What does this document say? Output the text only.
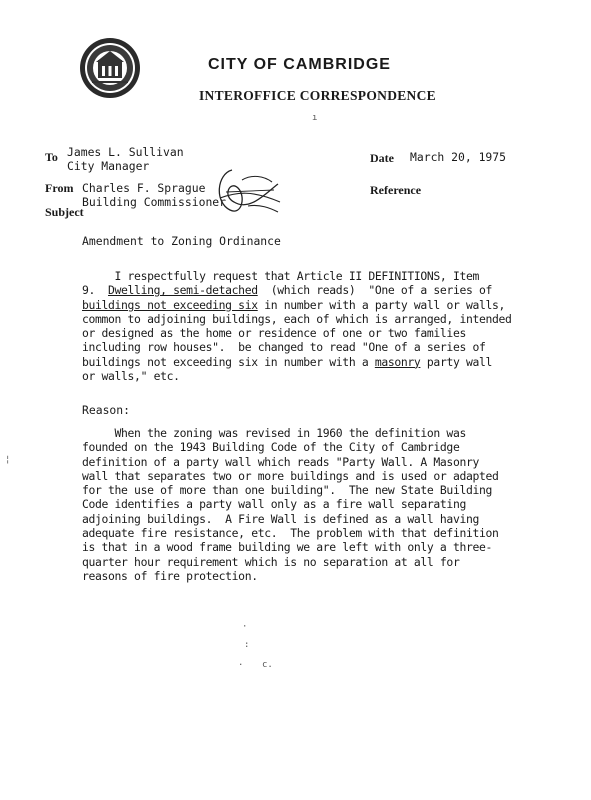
CITY OF CAMBRIDGE
INTEROFFICE CORRESPONDENCE
ı
To James L. Sullivan
City Manager
Date March 20, 1975
From Charles F. Sprague
Building Commissioner
Reference
Subject
Amendment to Zoning Ordinance
I respectfully request that Article II DEFINITIONS, Item
9.  Dwelling, semi-detached  (which reads)  "One of a series of
buildings not exceeding six in number with a party wall or walls,
common to adjoining buildings, each of which is arranged, intended
or designed as the home or residence of one or two families
including row houses".  be changed to read "One of a series of
buildings not exceeding six in number with a masonry party wall
or walls," etc.
Reason:
When the zoning was revised in 1960 the definition was
founded on the 1943 Building Code of the City of Cambridge
definition of a party wall which reads "Party Wall. A Masonry
wall that separates two or more buildings and is used or adapted
for the use of more than one building".  The new State Building
Code identifies a party wall only as a fire wall separating
adjoining buildings.  A Fire Wall is defined as a wall having
adequate fire resistance, etc.  The problem with that definition
is that in a wood frame building we are left with only a three-
quarter hour requirement which is no separation at all for
reasons of fire protection.
¦
·
:
. c.
